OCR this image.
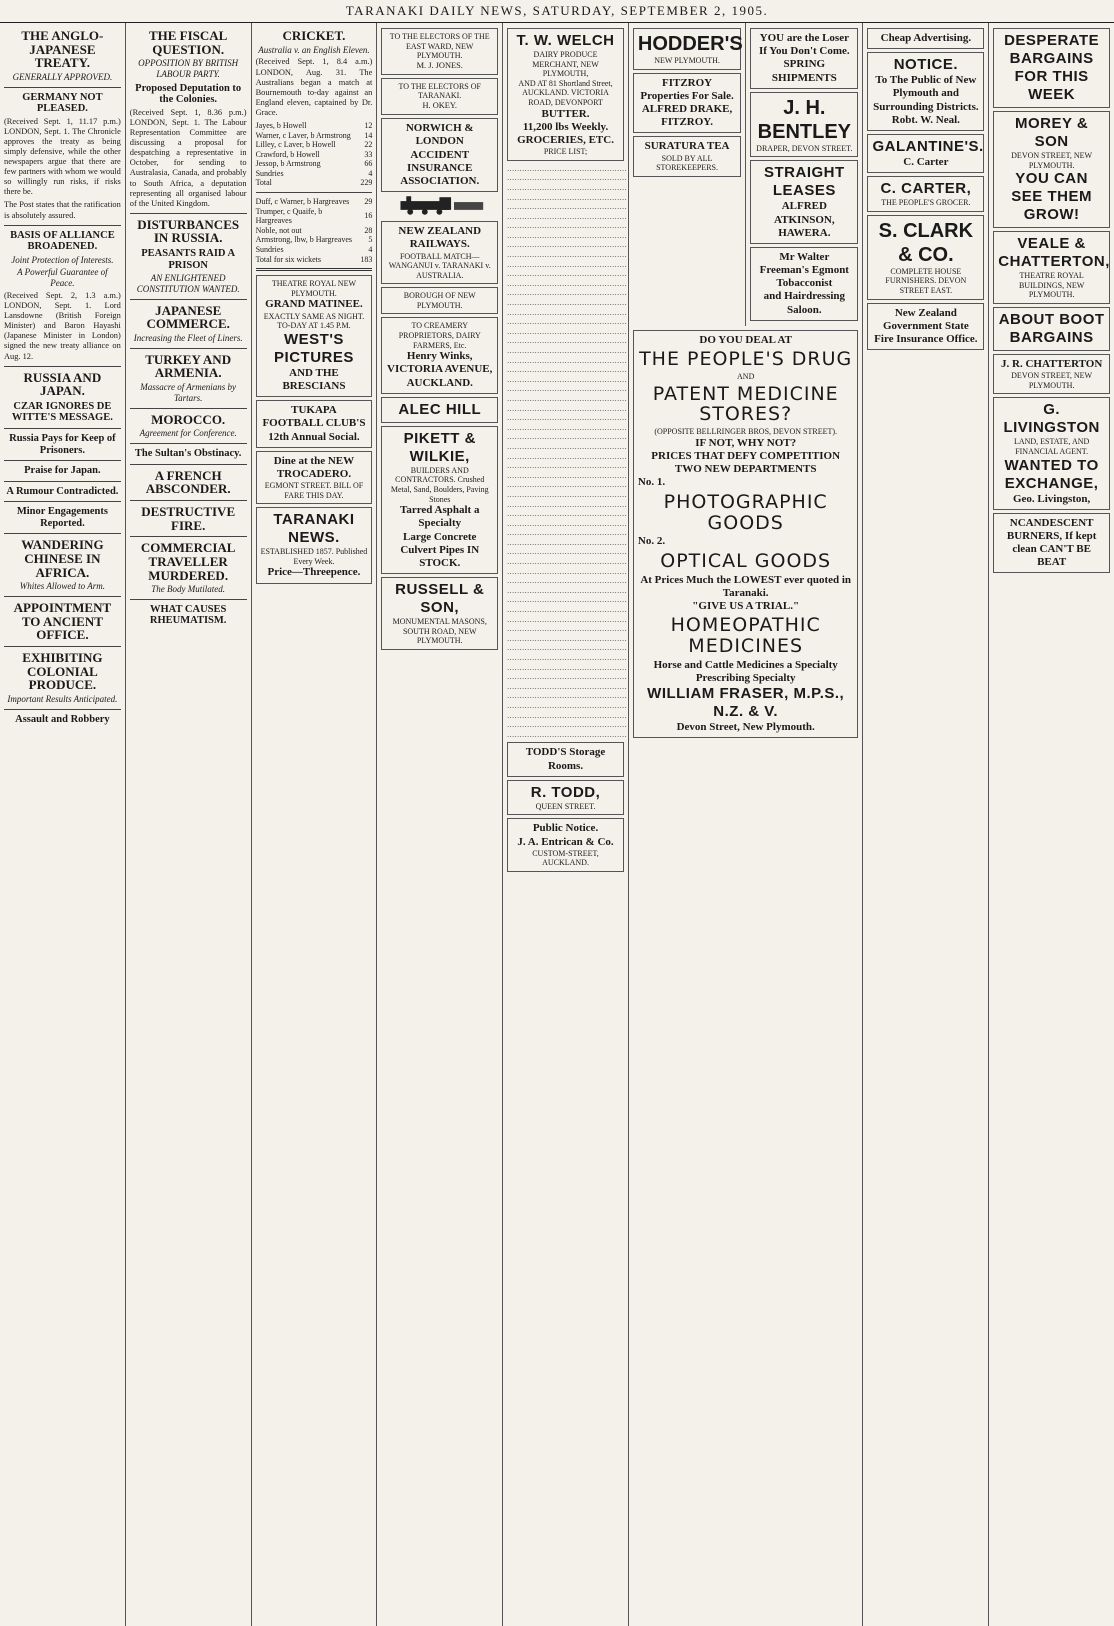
TARANAKI DAILY NEWS, SATURDAY, SEPTEMBER 2, 1905.
THE ANGLO-JAPANESE TREATY.
GENERALLY APPROVED.
GERMANY NOT PLEASED.

(Received Sept. 1, 11.17 p.m.) LONDON, Sept. 1. The Chronicle approves the treaty as being simply defensive, while the other newspapers argue that there are few partners with whom we would so willingly run risks, if risks there be.

The Post states that the ratification is absolutely assured.

BASIS OF ALLIANCE BROADENED.
Joint Protection of Interests.
A Powerful Guarantee of Peace.

(Received Sept. 2, 1.3 a.m.) LONDON, Sept. 1. Lord Lansdowne (British Foreign Minister) and Baron Hayashi (Japanese Minister in London) signed the new treaty alliance on Aug. 12.

RUSSIA AND JAPAN.
CZAR IGNORES DE WITTE'S MESSAGE.
Russia Pays for Keep of Prisoners.
Praise for Japan.
A Rumour Contradicted.
Minor Engagements Reported.
WANDERING CHINESE IN AFRICA.
Whites Allowed to Arm.
APPOINTMENT TO ANCIENT OFFICE.
EXHIBITING COLONIAL PRODUCE.
Important Results Anticipated.
Assault and Robbery
THE FISCAL QUESTION.
OPPOSITION BY BRITISH LABOUR PARTY.
Proposed Deputation to the Colonies.

(Received Sept. 1, 8.36 p.m.) LONDON, Sept. 1. The Labour Representation Committee are discussing a proposal for despatching a representative in October, for sending to Australasia, Canada, and probably to South Africa, a deputation representing all organised labour of the United Kingdom.

DISTURBANCES IN RUSSIA.
PEASANTS RAID A PRISON
AN ENLIGHTENED CONSTITUTION WANTED.
JAPANESE COMMERCE.
Increasing the Fleet of Liners.
TURKEY AND ARMENIA.
Massacre of Armenians by Tartars.
MOROCCO.
Agreement for Conference.
The Sultan's Obstinacy.
A FRENCH ABSCONDER.
DESTRUCTIVE FIRE.
COMMERCIAL TRAVELLER MURDERED.
The Body Mutilated.
WHAT CAUSES RHEUMATISM.
CRICKET.
Australia v. an English Eleven.

(Received Sept. 1, 8.4 a.m.) LONDON, Aug. 31. The Australians began a match at Bournemouth to-day against an England eleven, captained by Dr. Grace.

Jayes, b Howell	12
Warner, c Laver, b Armstrong	14
Lilley, c Laver, b Howell	22
Crawford, b Howell	33
Jessop, b Armstrong	66
Sundries	4
Total	229
Duff, c Warner, b Hargreaves	29
Trumper, c Quaife, b Hargreaves	16
Noble, not out	28
Armstrong, lbw, b Hargreaves	5
Sundries	4
Total for six wickets	183
THEATRE ROYAL NEW PLYMOUTH.
GRAND MATINEE.
EXACTLY SAME AS NIGHT. TO-DAY AT 1.45 P.M.
WEST'S PICTURES
AND THE BRESCIANS
TUKAPA FOOTBALL CLUB'S 12th Annual Social.
Dine at the NEW TROCADERO.
EGMONT STREET. BILL OF FARE THIS DAY.
TARANAKI NEWS.
ESTABLISHED 1857. Published Every Week.
Price—Threepence.
TO THE ELECTORS OF THE EAST WARD, NEW PLYMOUTH.
M. J. JONES.
TO THE ELECTORS OF TARANAKI.
H. OKEY.
NORWICH & LONDON ACCIDENT INSURANCE ASSOCIATION.
NEW ZEALAND RAILWAYS.
FOOTBALL MATCH— WANGANUI v. TARANAKI v. AUSTRALIA.
BOROUGH OF NEW PLYMOUTH.
TO CREAMERY PROPRIETORS, DAIRY FARMERS, Etc.
Henry Winks, VICTORIA AVENUE, AUCKLAND.
ALEC HILL
PIKETT & WILKIE,
BUILDERS AND CONTRACTORS. Crushed Metal, Sand, Boulders, Paving Stones
Tarred Asphalt a Specialty
Large Concrete Culvert Pipes IN STOCK.
RUSSELL & SON,
MONUMENTAL MASONS, SOUTH ROAD, NEW PLYMOUTH.
T. W. WELCH
DAIRY PRODUCE MERCHANT, NEW PLYMOUTH,
AND AT 81 Shortland Street, AUCKLAND. VICTORIA ROAD, DEVONPORT
BUTTER.
11,200 lbs Weekly.
GROCERIES, ETC.
PRICE LIST;
................................................
................................................
................................................
................................................
................................................
................................................
................................................
................................................
................................................
................................................
................................................
................................................
................................................
................................................
................................................
................................................
................................................
................................................
................................................
................................................
................................................
................................................
................................................
................................................
................................................
................................................
................................................
................................................
................................................
................................................
................................................
................................................
................................................
................................................
................................................
................................................
................................................
................................................
................................................
................................................
................................................
................................................
................................................
................................................
................................................
................................................
................................................
................................................
................................................
................................................
................................................
................................................
................................................
................................................
................................................
................................................
................................................
................................................
................................................
................................................
TODD'S Storage Rooms.
R. TODD,
QUEEN STREET.
Public Notice.
J. A. Entrican & Co.
CUSTOM-STREET, AUCKLAND.
HODDER'S
NEW PLYMOUTH.
FITZROY Properties For Sale.
ALFRED DRAKE, FITZROY.
SURATURA TEA
SOLD BY ALL STOREKEEPERS.
YOU are the Loser If You Don't Come.
SPRING SHIPMENTS
J. H. BENTLEY
DRAPER, DEVON STREET.
STRAIGHT LEASES
ALFRED ATKINSON, HAWERA.
Mr Walter Freeman's Egmont Tobacconist
and Hairdressing Saloon.
DO YOU DEAL AT
THE PEOPLE'S DRUG
AND
PATENT MEDICINE STORES?
(OPPOSITE BELLRINGER BROS, DEVON STREET).
IF NOT, WHY NOT?
PRICES THAT DEFY COMPETITION
TWO NEW DEPARTMENTS
No. 1.
PHOTOGRAPHIC GOODS
No. 2.
OPTICAL GOODS
At Prices Much the LOWEST ever quoted in Taranaki.
"GIVE US A TRIAL."
HOMEOPATHIC MEDICINES
Horse and Cattle Medicines a Specialty
Prescribing Specialty
WILLIAM FRASER, M.P.S., N.Z. & V.
Devon Street, New Plymouth.
Cheap Advertising.
NOTICE.
To The Public of New Plymouth and Surrounding Districts.
Robt. W. Neal.
GALANTINE'S.
C. Carter
C. CARTER,
THE PEOPLE'S GROCER.
S. CLARK & CO.
COMPLETE HOUSE FURNISHERS. DEVON STREET EAST.
New Zealand Government State Fire Insurance Office.
DESPERATE BARGAINS FOR THIS WEEK
MOREY & SON
DEVON STREET, NEW PLYMOUTH.
YOU CAN SEE THEM GROW!
VEALE & CHATTERTON,
THEATRE ROYAL BUILDINGS, NEW PLYMOUTH.
ABOUT BOOT BARGAINS
J. R. CHATTERTON
DEVON STREET, NEW PLYMOUTH.
G. LIVINGSTON
LAND, ESTATE, AND FINANCIAL AGENT.
WANTED TO EXCHANGE,
Geo. Livingston,
NCANDESCENT BURNERS, If kept clean CAN'T BE BEAT
